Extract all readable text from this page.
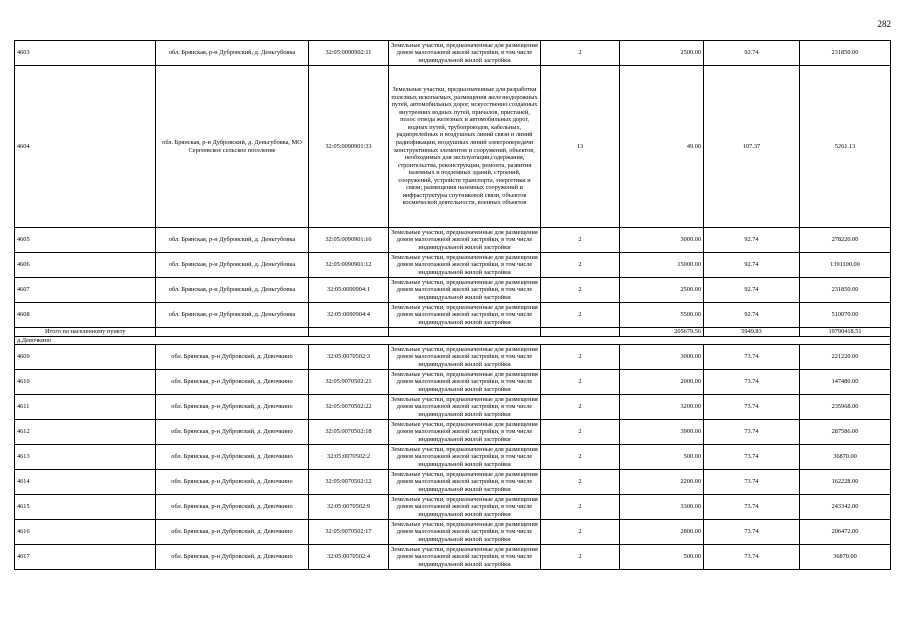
282
4603	обл. Брянская, р-н Дубровский, д. Деньгубовка	32:05:0090902:11	Земельные участки, предназначенные для размещения домов малоэтажной жилой застройки, в том числе индивидуальной жилой застройки	2	2500.00	92.74	231850.00
4604	обл. Брянская, р-н Дубровский, д. Деньгубовка, МО Сергеевское сельское поселение	32:05:0090901:33	Земельные участки, предназначенные для разработки полезных ископаемых, размещения железнодорожных путей, автомобильных дорог, искусственно созданных внутренних водных путей, причалов, пристаней, полос отвода железных и автомобильных дорог, водных путей, трубопроводов, кабельных, радиорелейных и воздушных линий связи и линий радиофикации, воздушных линий электропередачи конструктивных элементов и сооружений, объектов, необходимых для эксплуатации,содержания, строительства, реконструкции, ремонта, развития наземных и подземных зданий, строений, сооружений, устройств транспорта, энергетики и связи; размещения наземных сооружений и инфраструктуры спутниковой связи, объектов космической деятельности, военных объектов	13	49.00	107.37	5261.13
4605	обл. Брянская, р-н Дубровский, д. Деньгубовка	32:05:0090901:16	Земельные участки, предназначенные для размещения домов малоэтажной жилой застройки, в том числе индивидуальной жилой застройки	2	3000.00	92.74	278220.00
4606	обл. Брянская, р-н Дубровский, д. Деньгубовка	32:05:0090901:12	Земельные участки, предназначенные для размещения домов малоэтажной жилой застройки, в том числе индивидуальной жилой застройки	2	15000.00	92.74	1391100.00
4607	обл. Брянская, р-н Дубровский, д. Деньгубовка	32:05:0090904:1	Земельные участки, предназначенные для размещения домов малоэтажной жилой застройки, в том числе индивидуальной жилой застройки	2	2500.00	92.74	231850.00
4608	обл. Брянская, р-н Дубровский, д. Деньгубовка	32:05:0090904:4	Земельные участки, предназначенные для размещения домов малоэтажной жилой застройки, в том числе индивидуальной жилой застройки	2	5500.00	92.74	510070.00
Итого по населенному пункту					205679.56	5949.83	19790418.51
д.Девочкино							
4609	обл. Брянская, р-н Дубровский, д. Девочкино	32:05:0070502:3	Земельные участки, предназначенные для размещения домов малоэтажной жилой застройки, в том числе индивидуальной жилой застройки	2	3000.00	73.74	221220.00
4610	обл. Брянская, р-н Дубровский, д. Девочкино	32:05:0070502:21	Земельные участки, предназначенные для размещения домов малоэтажной жилой застройки, в том числе индивидуальной жилой застройки	2	2000.00	73.74	147480.00
4611	обл. Брянская, р-н Дубровский, д. Девочкино	32:05:0070502:22	Земельные участки, предназначенные для размещения домов малоэтажной жилой застройки, в том числе индивидуальной жилой застройки	2	3200.00	73.74	235968.00
4612	обл. Брянская, р-н Дубровский, д. Девочкино	32:05:0070502:18	Земельные участки, предназначенные для размещения домов малоэтажной жилой застройки, в том числе индивидуальной жилой застройки	2	3900.00	73.74	287586.00
4613	обл. Брянская, р-н Дубровский, д. Девочкино	32:05:0070502:2	Земельные участки, предназначенные для размещения домов малоэтажной жилой застройки, в том числе индивидуальной жилой застройки	2	500.00	73.74	36870.00
4614	обл. Брянская, р-н Дубровский, д. Девочкино	32:05:0070502:12	Земельные участки, предназначенные для размещения домов малоэтажной жилой застройки, в том числе индивидуальной жилой застройки	2	2200.00	73.74	162228.00
4615	обл. Брянская, р-н Дубровский, д. Девочкино	32:05:0070502:9	Земельные участки, предназначенные для размещения домов малоэтажной жилой застройки, в том числе индивидуальной жилой застройки	2	3300.00	73.74	243342.00
4616	обл. Брянская, р-н Дубровский, д. Девочкино	32:05:0070502:17	Земельные участки, предназначенные для размещения домов малоэтажной жилой застройки, в том числе индивидуальной жилой застройки	2	2800.00	73.74	206472.00
4617	обл. Брянская, р-н Дубровский, д. Девочкино	32:05:0070502:4	Земельные участки, предназначенные для размещения домов малоэтажной жилой застройки, в том числе индивидуальной жилой застройки	2	500.00	73.74	36870.00
